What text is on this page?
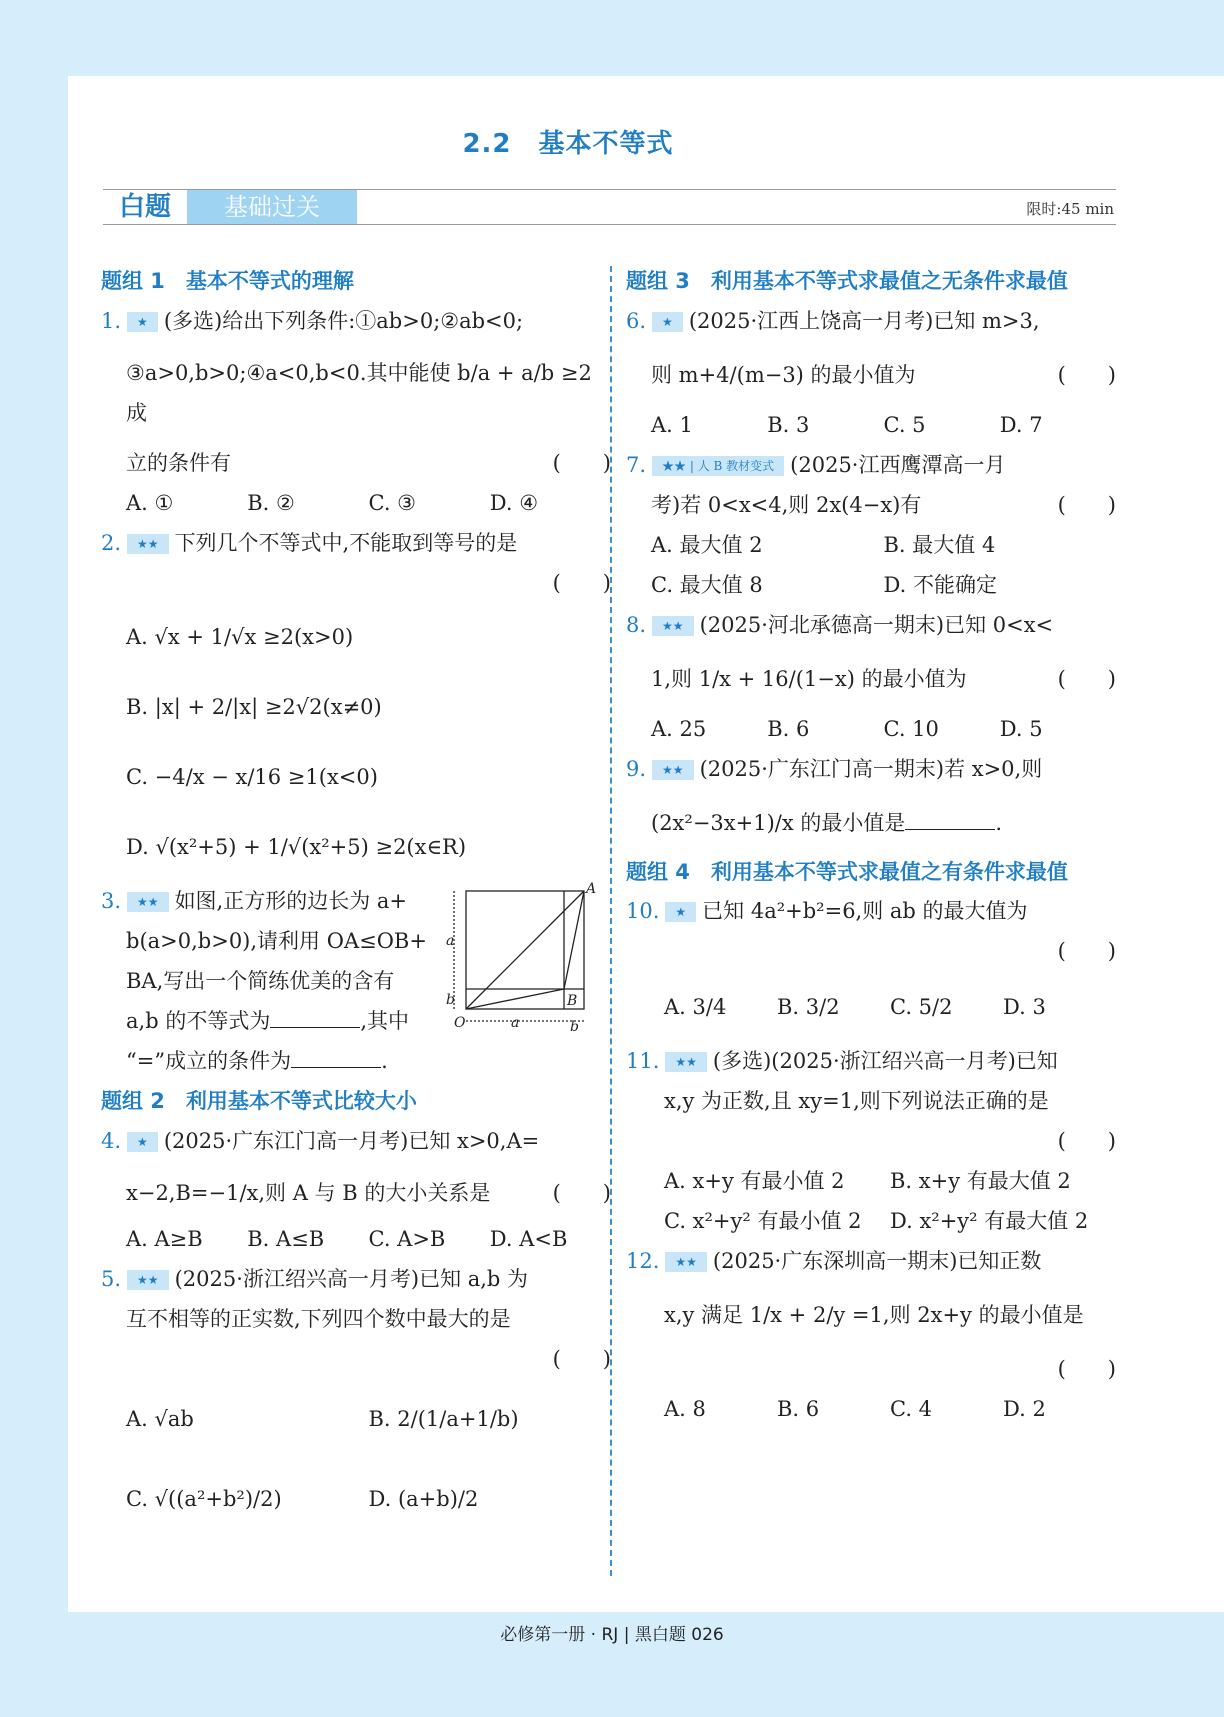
2.2　基本不等式
白题	基础过关	限时:45 min
题组 1　基本不等式的理解
1. ★ (多选)给出下列条件:①ab>0;②ab<0;
③a>0,b>0;④a<0,b<0.其中能使 b/a + a/b ≥2 成
立的条件有	(　　)
A. ①	B. ②	C. ③	D. ④
2. ★★ 下列几个不等式中,不能取到等号的是
(　　)
A. √x + 1/√x ≥2(x>0)
B. |x| + 2/|x| ≥2√2(x≠0)
C. −4/x − x/16 ≥1(x<0)
D. √(x²+5) + 1/√(x²+5) ≥2(x∈R)
3. ★★ 如图,正方形的边长为 a+
b(a>0,b>0),请利用 OA≤OB+
BA,写出一个简练优美的含有
a,b 的不等式为	,其中
“=”成立的条件为	.
A
B
O
a
b
a	b
题组 2　利用基本不等式比较大小
4. ★ (2025·广东江门高一月考)已知 x>0,A=
x−2,B=−1/x,则 A 与 B 的大小关系是	(　　)
A. A≥B	B. A≤B	C. A>B	D. A<B
5. ★★ (2025·浙江绍兴高一月考)已知 a,b 为
互不相等的正实数,下列四个数中最大的是
(　　)
A. √ab	B. 2/(1/a+1/b)
C. √((a²+b²)/2)	D. (a+b)/2
题组 3　利用基本不等式求最值之无条件求最值
6. ★ (2025·江西上饶高一月考)已知 m>3,
则 m+4/(m−3) 的最小值为	(　　)
A. 1	B. 3	C. 5	D. 7
7. ★★ | 人 B 教材变式 (2025·江西鹰潭高一月
考)若 0<x<4,则 2x(4−x)有	(　　)
A. 最大值 2	B. 最大值 4
C. 最大值 8	D. 不能确定
8. ★★ (2025·河北承德高一期末)已知 0<x<
1,则 1/x + 16/(1−x) 的最小值为	(　　)
A. 25	B. 6	C. 10	D. 5
9. ★★ (2025·广东江门高一期末)若 x>0,则
(2x²−3x+1)/x 的最小值是	.
题组 4　利用基本不等式求最值之有条件求最值
10. ★ 已知 4a²+b²=6,则 ab 的最大值为
(　　)
A. 3/4	B. 3/2	C. 5/2	D. 3
11. ★★ (多选)(2025·浙江绍兴高一月考)已知
x,y 为正数,且 xy=1,则下列说法正确的是
(　　)
A. x+y 有最小值 2	B. x+y 有最大值 2
C. x²+y² 有最小值 2	D. x²+y² 有最大值 2
12. ★★ (2025·广东深圳高一期末)已知正数
x,y 满足 1/x + 2/y =1,则 2x+y 的最小值是
(　　)
A. 8	B. 6	C. 4	D. 2
必修第一册 · RJ | 黑白题 026
